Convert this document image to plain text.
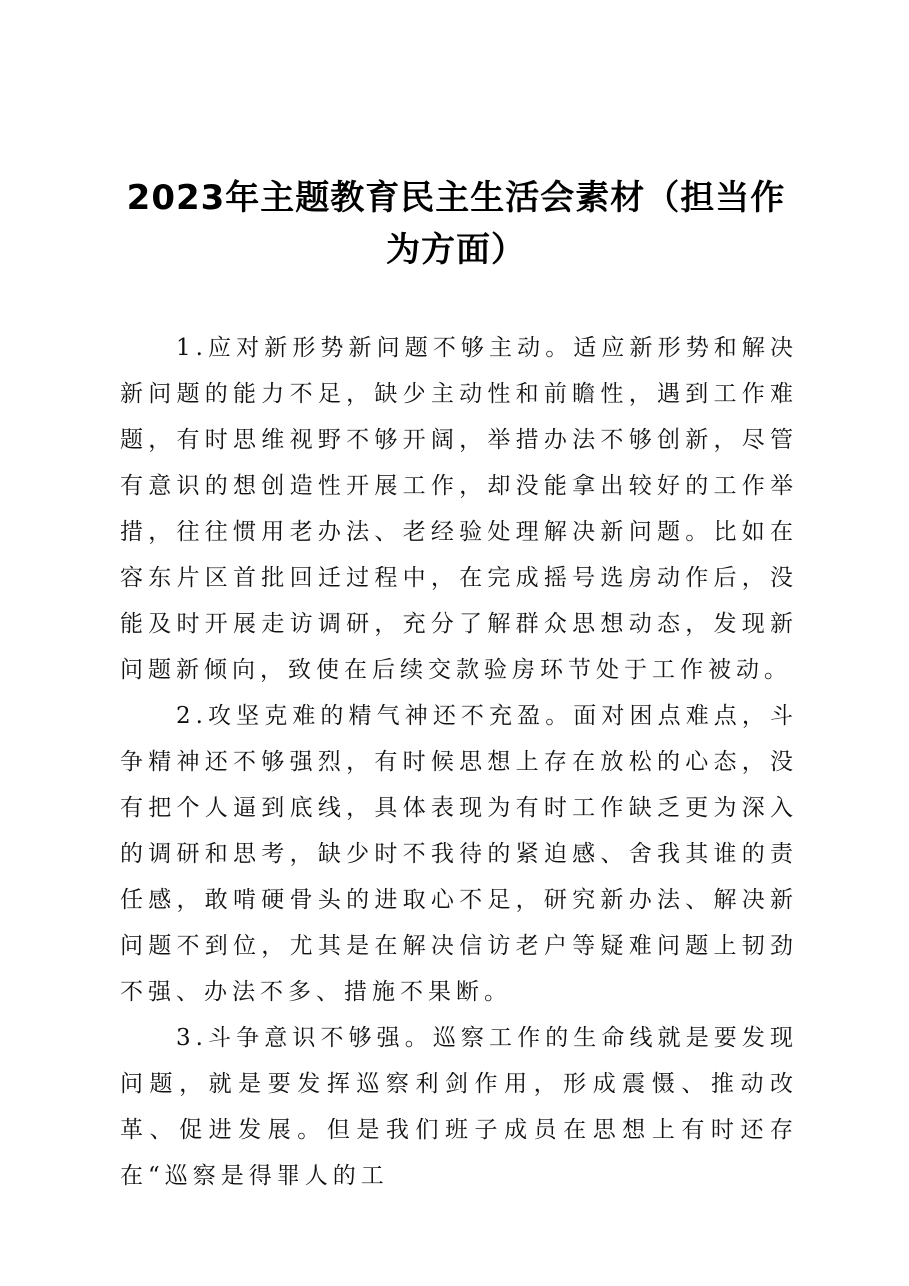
2023年主题教育民主生活会素材（担当作为方面）

1.应对新形势新问题不够主动。适应新形势和解决新问题的能力不足，缺少主动性和前瞻性，遇到工作难题，有时思维视野不够开阔，举措办法不够创新，尽管有意识的想创造性开展工作，却没能拿出较好的工作举措，往往惯用老办法、老经验处理解决新问题。比如在容东片区首批回迁过程中，在完成摇号选房动作后，没能及时开展走访调研，充分了解群众思想动态，发现新问题新倾向，致使在后续交款验房环节处于工作被动。

2.攻坚克难的精气神还不充盈。面对困点难点，斗争精神还不够强烈，有时候思想上存在放松的心态，没有把个人逼到底线，具体表现为有时工作缺乏更为深入的调研和思考，缺少时不我待的紧迫感、舍我其谁的责任感，敢啃硬骨头的进取心不足，研究新办法、解决新问题不到位，尤其是在解决信访老户等疑难问题上韧劲不强、办法不多、措施不果断。

3.斗争意识不够强。巡察工作的生命线就是要发现问题，就是要发挥巡察利剑作用，形成震慑、推动改革、促进发展。但是我们班子成员在思想上有时还存在“巡察是得罪人的工
